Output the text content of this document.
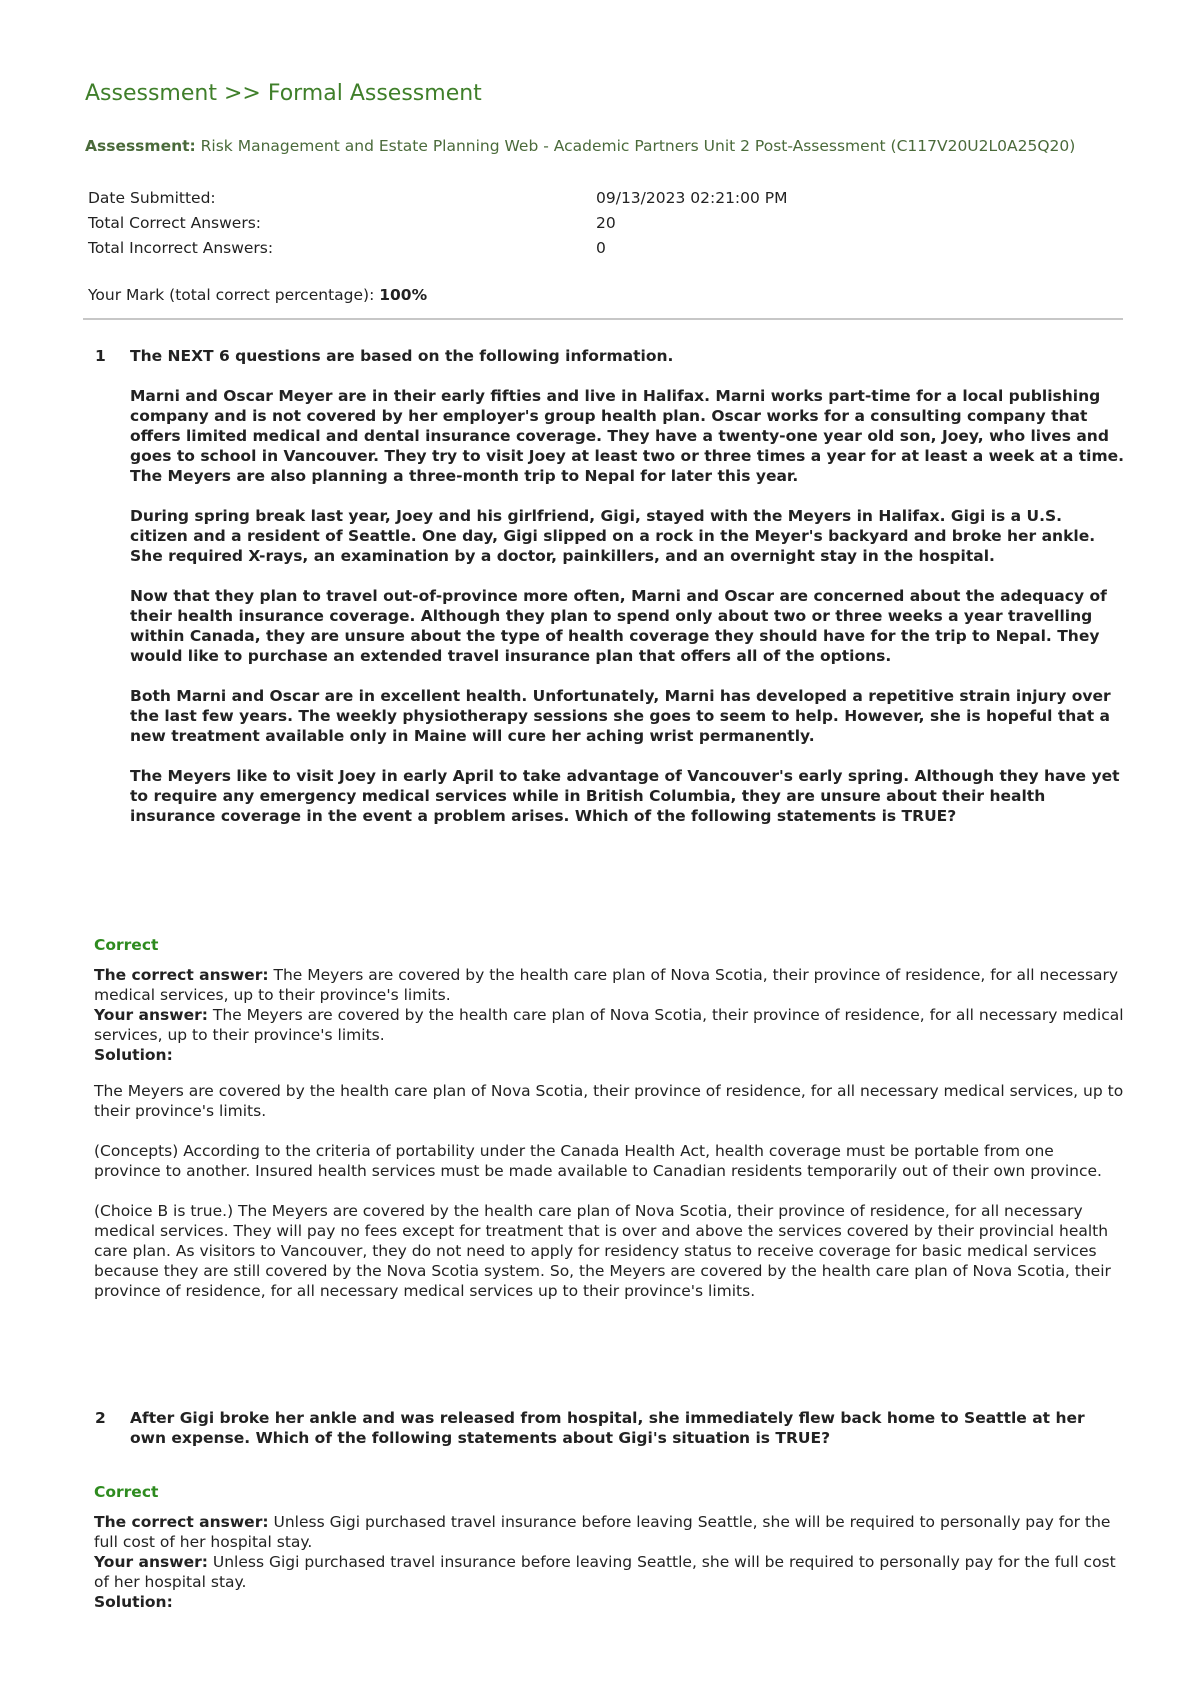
Assessment >> Formal Assessment
Assessment: Risk Management and Estate Planning Web - Academic Partners Unit 2 Post-Assessment (C117V20U2L0A25Q20)
Date Submitted:	09/13/2023 02:21:00 PM
Total Correct Answers:	20
Total Incorrect Answers:	0
Your Mark (total correct percentage): 100%
1 The NEXT 6 questions are based on the following information.

Marni and Oscar Meyer are in their early fifties and live in Halifax. Marni works part-time for a local publishing company and is not covered by her employer's group health plan. Oscar works for a consulting company that offers limited medical and dental insurance coverage. They have a twenty-one year old son, Joey, who lives and goes to school in Vancouver. They try to visit Joey at least two or three times a year for at least a week at a time. The Meyers are also planning a three-month trip to Nepal for later this year.

During spring break last year, Joey and his girlfriend, Gigi, stayed with the Meyers in Halifax. Gigi is a U.S. citizen and a resident of Seattle. One day, Gigi slipped on a rock in the Meyer's backyard and broke her ankle. She required X-rays, an examination by a doctor, painkillers, and an overnight stay in the hospital.

Now that they plan to travel out-of-province more often, Marni and Oscar are concerned about the adequacy of their health insurance coverage. Although they plan to spend only about two or three weeks a year travelling within Canada, they are unsure about the type of health coverage they should have for the trip to Nepal. They would like to purchase an extended travel insurance plan that offers all of the options.

Both Marni and Oscar are in excellent health. Unfortunately, Marni has developed a repetitive strain injury over the last few years. The weekly physiotherapy sessions she goes to seem to help. However, she is hopeful that a new treatment available only in Maine will cure her aching wrist permanently.

The Meyers like to visit Joey in early April to take advantage of Vancouver's early spring. Although they have yet to require any emergency medical services while in British Columbia, they are unsure about their health insurance coverage in the event a problem arises. Which of the following statements is TRUE?

Correct
The correct answer: The Meyers are covered by the health care plan of Nova Scotia, their province of residence, for all necessary medical services, up to their province's limits.
Your answer: The Meyers are covered by the health care plan of Nova Scotia, their province of residence, for all necessary medical services, up to their province's limits.
Solution:

The Meyers are covered by the health care plan of Nova Scotia, their province of residence, for all necessary medical services, up to their province's limits.

(Concepts) According to the criteria of portability under the Canada Health Act, health coverage must be portable from one province to another. Insured health services must be made available to Canadian residents temporarily out of their own province.

(Choice B is true.) The Meyers are covered by the health care plan of Nova Scotia, their province of residence, for all necessary medical services. They will pay no fees except for treatment that is over and above the services covered by their provincial health care plan. As visitors to Vancouver, they do not need to apply for residency status to receive coverage for basic medical services because they are still covered by the Nova Scotia system. So, the Meyers are covered by the health care plan of Nova Scotia, their province of residence, for all necessary medical services up to their province's limits.

2 After Gigi broke her ankle and was released from hospital, she immediately flew back home to Seattle at her own expense. Which of the following statements about Gigi's situation is TRUE?

Correct
The correct answer: Unless Gigi purchased travel insurance before leaving Seattle, she will be required to personally pay for the full cost of her hospital stay.
Your answer: Unless Gigi purchased travel insurance before leaving Seattle, she will be required to personally pay for the full cost of her hospital stay.
Solution:
